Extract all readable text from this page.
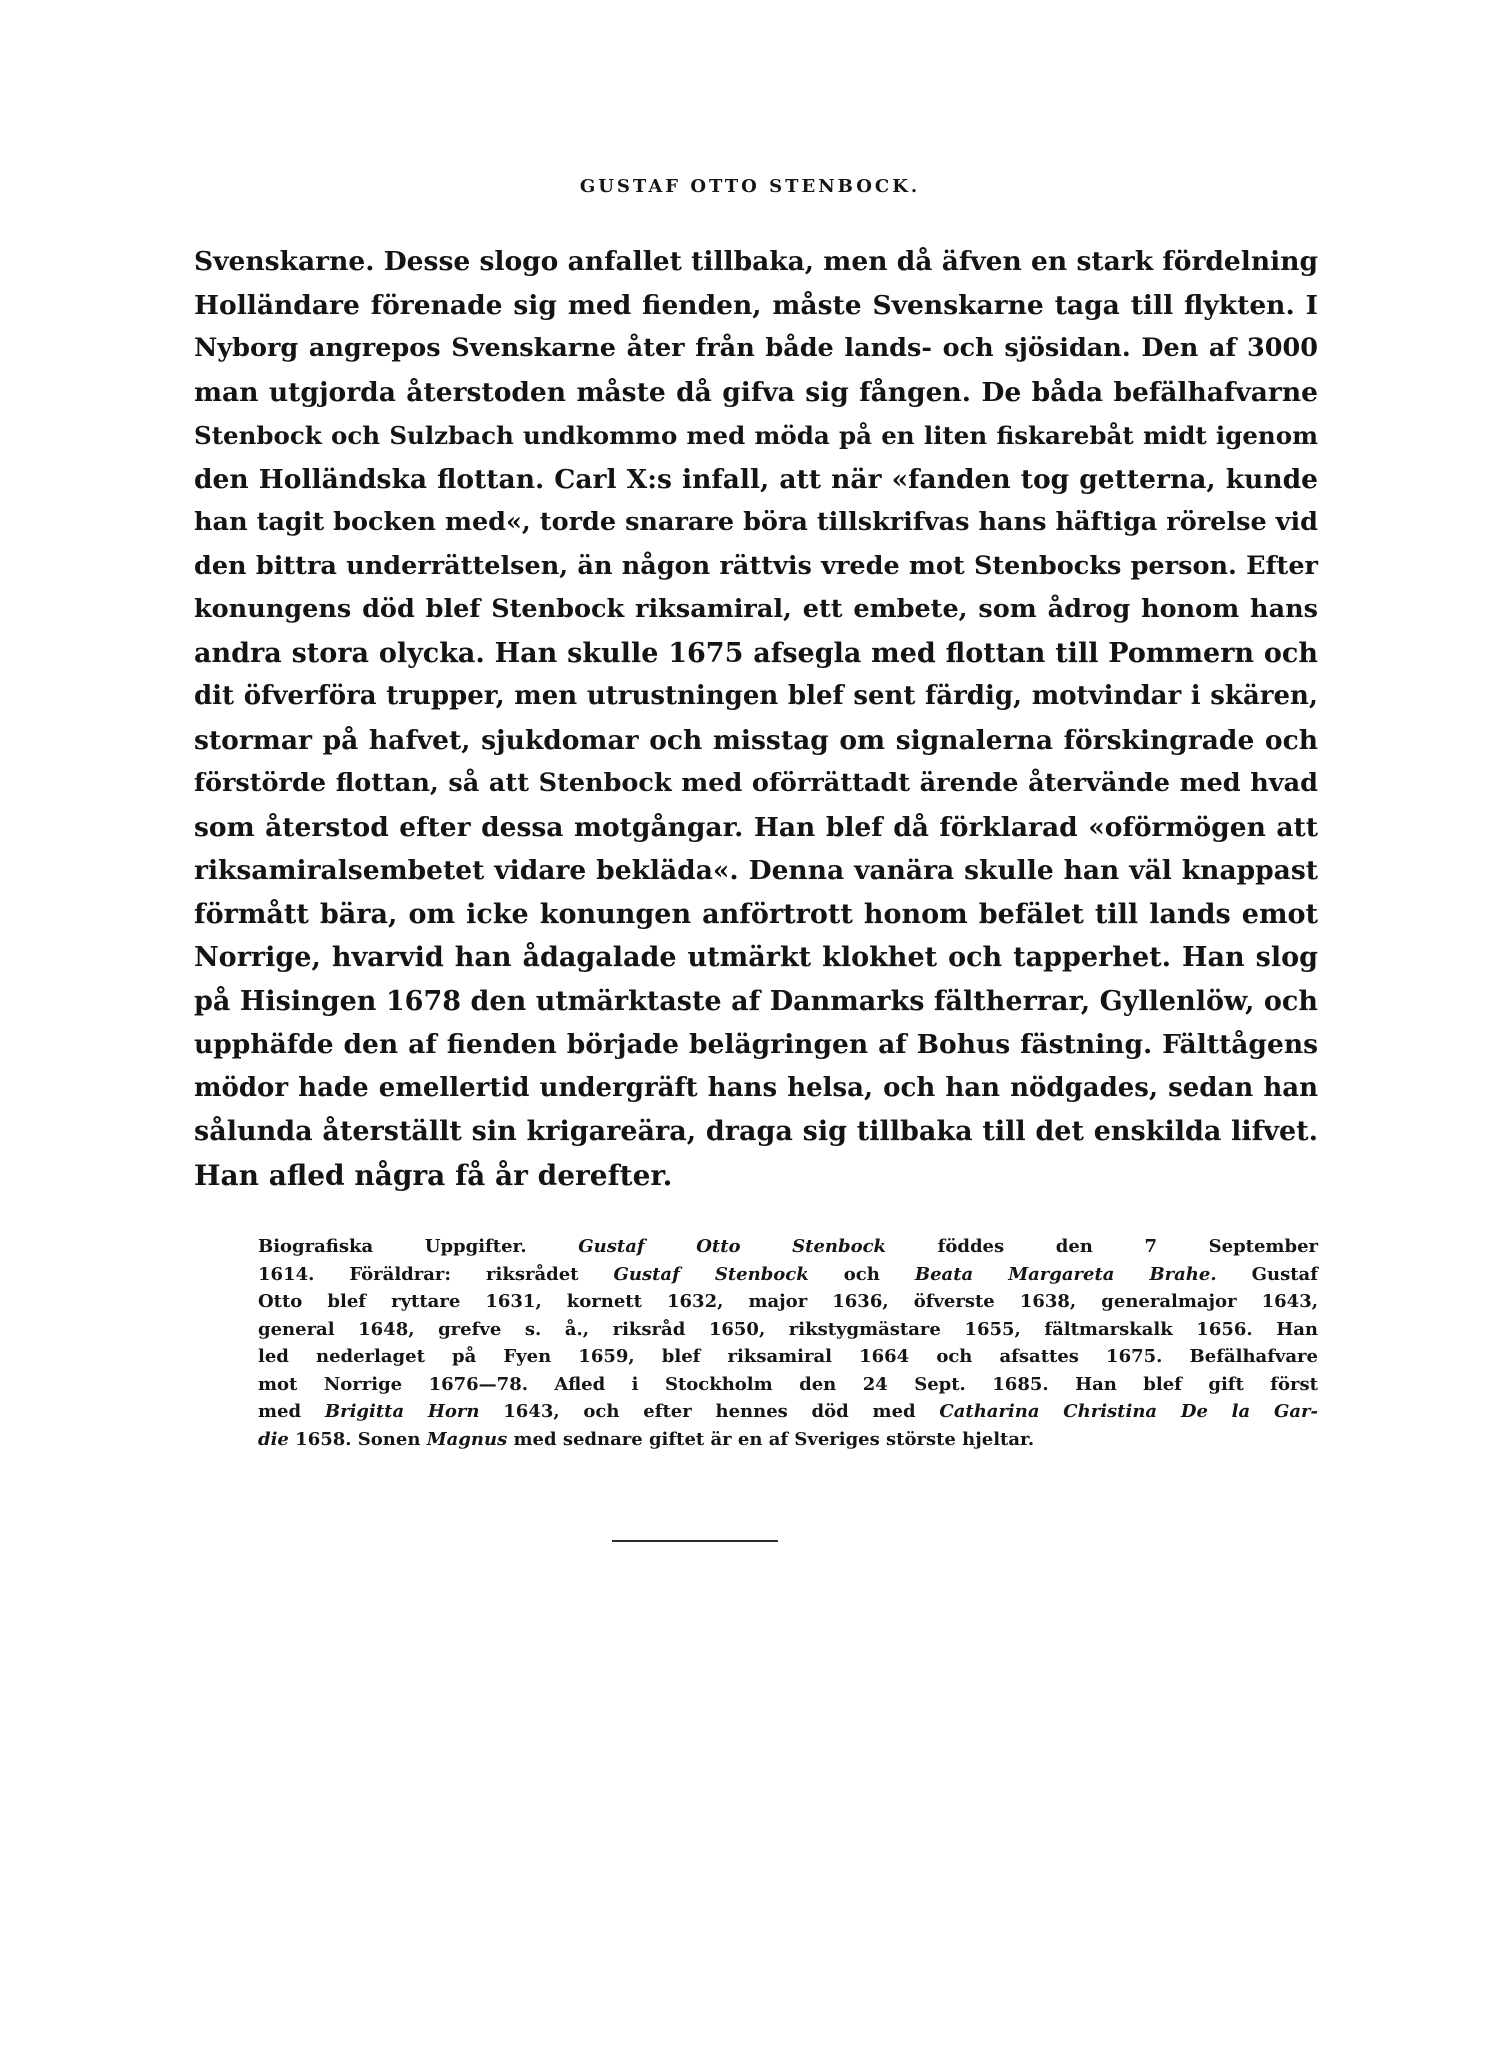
GUSTAF OTTO STENBOCK.
Svenskarne. Desse slogo anfallet tillbaka, men då äfven en stark fördelning
Holländare förenade sig med fienden, måste Svenskarne taga till flykten. I
Nyborg angrepos Svenskarne åter från både lands- och sjösidan. Den af 3000
man utgjorda återstoden måste då gifva sig fången. De båda befälhafvarne
Stenbock och Sulzbach undkommo med möda på en liten fiskarebåt midt igenom
den Holländska flottan. Carl X:s infall, att när «fanden tog getterna, kunde
han tagit bocken med«, torde snarare böra tillskrifvas hans häftiga rörelse vid
den bittra underrättelsen, än någon rättvis vrede mot Stenbocks person. Efter
konungens död blef Stenbock riksamiral, ett embete, som ådrog honom hans
andra stora olycka. Han skulle 1675 afsegla med flottan till Pommern och
dit öfverföra trupper, men utrustningen blef sent färdig, motvindar i skären,
stormar på hafvet, sjukdomar och misstag om signalerna förskingrade och
förstörde flottan, så att Stenbock med oförrättadt ärende återvände med hvad
som återstod efter dessa motgångar. Han blef då förklarad «oförmögen att
riksamiralsembetet vidare bekläda«. Denna vanära skulle han väl knappast
förmått bära, om icke konungen anförtrott honom befälet till lands emot
Norrige, hvarvid han ådagalade utmärkt klokhet och tapperhet. Han slog
på Hisingen 1678 den utmärktaste af Danmarks fältherrar, Gyllenlöw, och
upphäfde den af fienden började belägringen af Bohus fästning. Fälttågens
mödor hade emellertid undergräft hans helsa, och han nödgades, sedan han
sålunda återställt sin krigareära, draga sig tillbaka till det enskilda lifvet.
Han afled några få år derefter.
Biografiska Uppgifter.	Gustaf Otto Stenbock	föddes den 7 September
1614. Föräldrar: riksrådet Gustaf Stenbock och Beata Margareta Brahe. Gustaf
Otto blef ryttare 1631, kornett 1632, major 1636, öfverste 1638, generalmajor 1643,
general 1648, grefve s. å., riksråd 1650, rikstygmästare 1655, fältmarskalk 1656. Han
led nederlaget på Fyen 1659, blef riksamiral 1664 och afsattes 1675. Befälhafvare
mot Norrige 1676—78. Afled i Stockholm den 24 Sept. 1685. Han blef gift först
med Brigitta Horn 1643, och efter hennes död med Catharina Christina De la Gar-
die 1658. Sonen Magnus med sednare giftet är en af Sveriges störste hjeltar.
